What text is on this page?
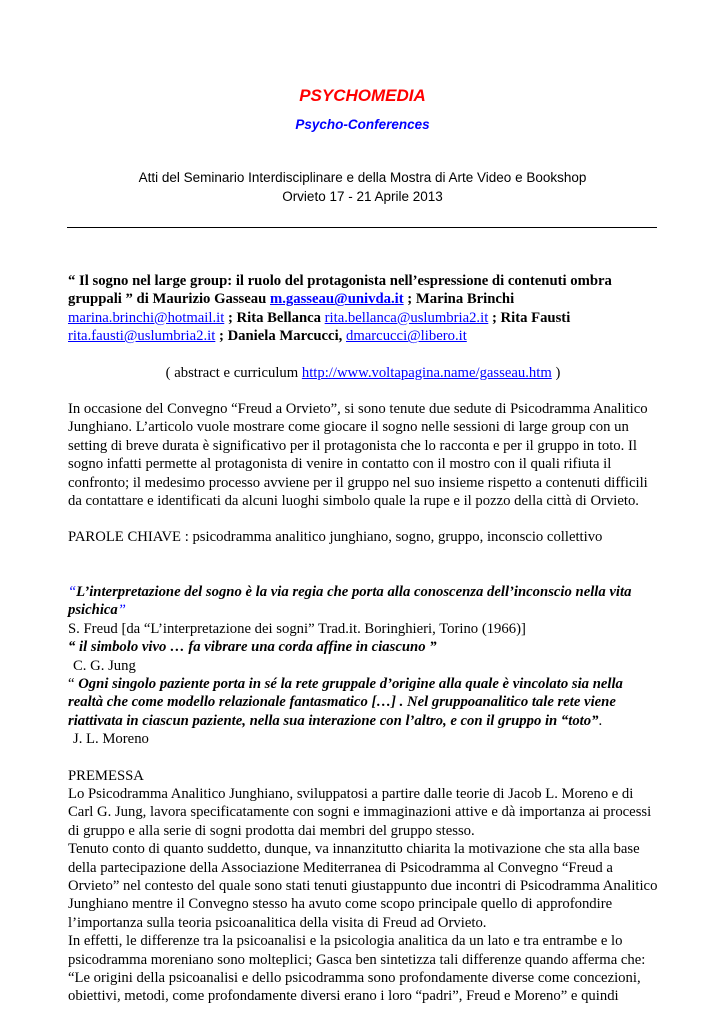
PSYCHOMEDIA
Psycho-Conferences
Atti del Seminario Interdisciplinare e della Mostra di Arte Video e Bookshop
Orvieto 17 - 21 Aprile 2013

“ Il sogno nel large group: il ruolo del protagonista nell’espressione di contenuti ombra gruppali ” di Maurizio Gasseau m.gasseau@univda.it ; Marina Brinchi marina.brinchi@hotmail.it ; Rita Bellanca rita.bellanca@uslumbria2.it ; Rita Fausti rita.fausti@uslumbria2.it ; Daniela Marcucci, dmarcucci@libero.it

( abstract e curriculum http://www.voltapagina.name/gasseau.htm )

In occasione del Convegno “Freud a Orvieto”, si sono tenute due sedute di Psicodramma Analitico Junghiano. L’articolo vuole mostrare come giocare il sogno nelle sessioni di large group con un setting di breve durata è significativo per il protagonista che lo racconta e per il gruppo in toto. Il sogno infatti permette al protagonista di venire in contatto con il mostro con il quali rifiuta il confronto; il medesimo processo avviene per il gruppo nel suo insieme rispetto a contenuti difficili da contattare e identificati da alcuni luoghi simbolo quale la rupe e il pozzo della città di Orvieto.

PAROLE CHIAVE : psicodramma analitico junghiano, sogno, gruppo, inconscio collettivo

“L’interpretazione del sogno è la via regia che porta alla conoscenza dell’inconscio nella vita psichica”

S. Freud [da “L’interpretazione dei sogni” Trad.it. Boringhieri, Torino (1966)]

“ il simbolo vivo … fa vibrare una corda affine in ciascuno ”

C. G. Jung

“ Ogni singolo paziente porta in sé la rete gruppale d’origine alla quale è vincolato sia nella realtà che come modello relazionale fantasmatico […] . Nel gruppoanalitico tale rete viene riattivata in ciascun paziente, nella sua interazione con l’altro, e con il gruppo in “toto”.

J. L. Moreno

PREMESSA

Lo Psicodramma Analitico Junghiano, sviluppatosi a partire dalle teorie di Jacob L. Moreno e di Carl G. Jung, lavora specificatamente con sogni e immaginazioni attive e dà importanza ai processi di gruppo e alla serie di sogni prodotta dai membri del gruppo stesso.

Tenuto conto di quanto suddetto, dunque, va innanzitutto chiarita la motivazione che sta alla base della partecipazione della Associazione Mediterranea di Psicodramma al Convegno “Freud a Orvieto” nel contesto del quale sono stati tenuti giustappunto due incontri di Psicodramma Analitico Junghiano mentre il Convegno stesso ha avuto come scopo principale quello di approfondire l’importanza sulla teoria psicoanalitica della visita di Freud ad Orvieto.

In effetti, le differenze tra la psicoanalisi e la psicologia analitica da un lato e tra entrambe e lo psicodramma moreniano sono molteplici; Gasca ben sintetizza tali differenze quando afferma che: “Le origini della psicoanalisi e dello psicodramma sono profondamente diverse come concezioni, obiettivi, metodi, come profondamente diversi erano i loro “padri”, Freud e Moreno” e quindi
